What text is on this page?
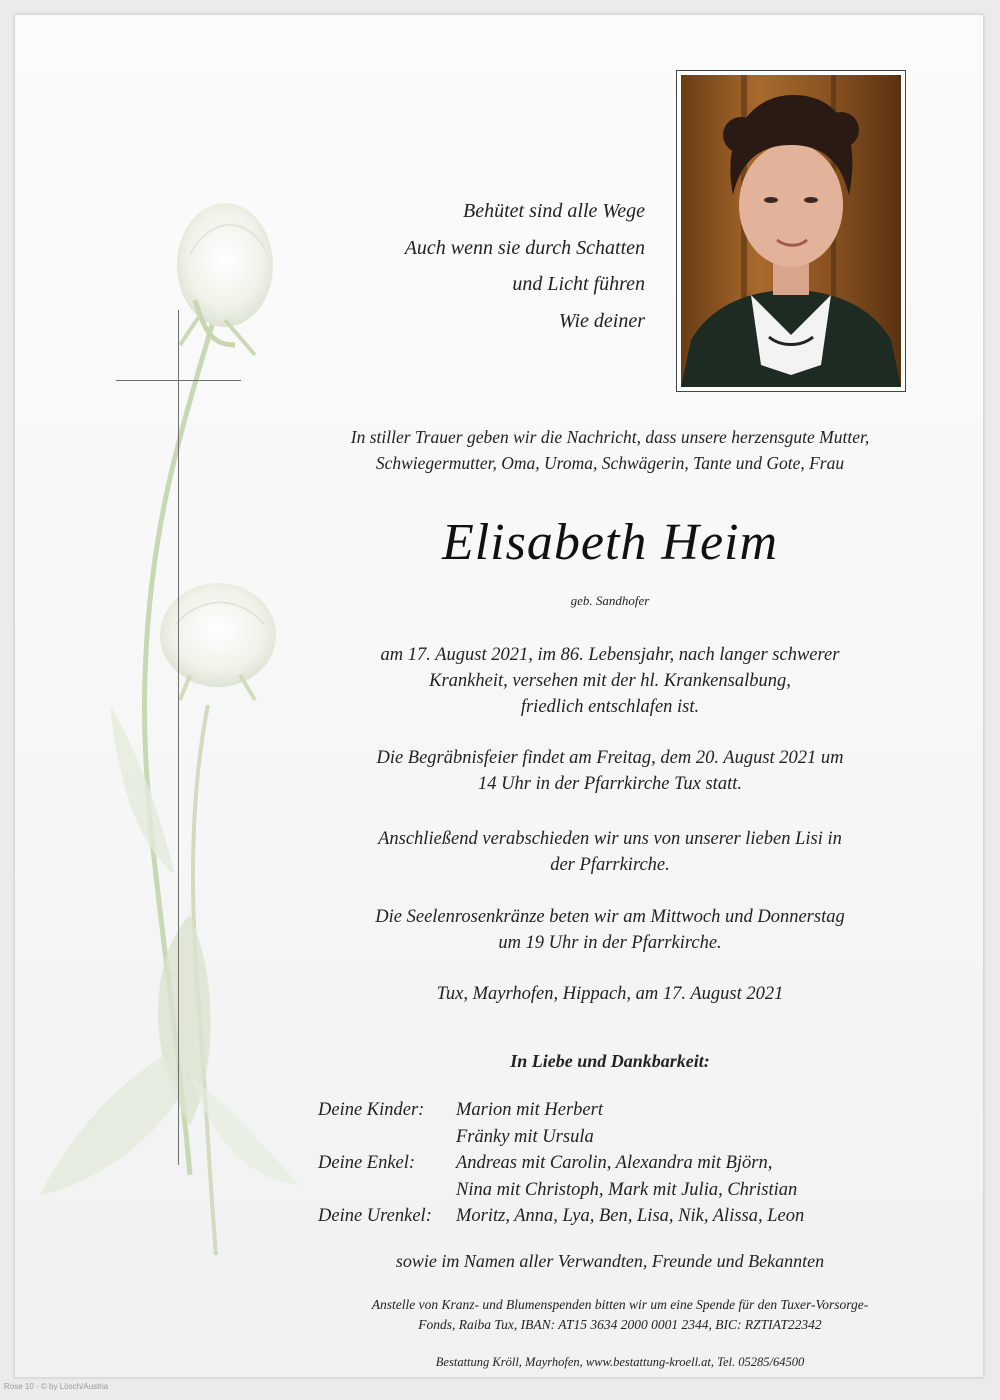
Behütet sind alle Wege
Auch wenn sie durch Schatten
und Licht führen
Wie deiner
In stiller Trauer geben wir die Nachricht, dass unsere herzensgute Mutter,
Schwiegermutter, Oma, Uroma, Schwägerin, Tante und Gote, Frau
Elisabeth Heim
geb. Sandhofer
am 17. August 2021, im 86. Lebensjahr, nach langer schwerer
Krankheit, versehen mit der hl. Krankensalbung,
friedlich entschlafen ist.
Die Begräbnisfeier findet am Freitag, dem 20. August 2021 um
14 Uhr in der Pfarrkirche Tux statt.
Anschließend verabschieden wir uns von unserer lieben Lisi in
der Pfarrkirche.
Die Seelenrosenkränze beten wir am Mittwoch und Donnerstag
um 19 Uhr in der Pfarrkirche.
Tux, Mayrhofen, Hippach, am 17. August 2021
In Liebe und Dankbarkeit:
Deine Kinder:	Marion mit Herbert
Fränky mit Ursula
Deine Enkel:	Andreas mit Carolin, Alexandra mit Björn,
Nina mit Christoph, Mark mit Julia, Christian
Deine Urenkel:	Moritz, Anna, Lya, Ben, Lisa, Nik, Alissa, Leon
sowie im Namen aller Verwandten, Freunde und Bekannten
Anstelle von Kranz- und Blumenspenden bitten wir um eine Spende für den Tuxer-Vorsorge-
Fonds, Raiba Tux, IBAN: AT15 3634 2000 0001 2344, BIC: RZTIAT22342
Bestattung Kröll, Mayrhofen, www.bestattung-kroell.at, Tel. 05285/64500
Rose 10 - © by Lösch/Austria
